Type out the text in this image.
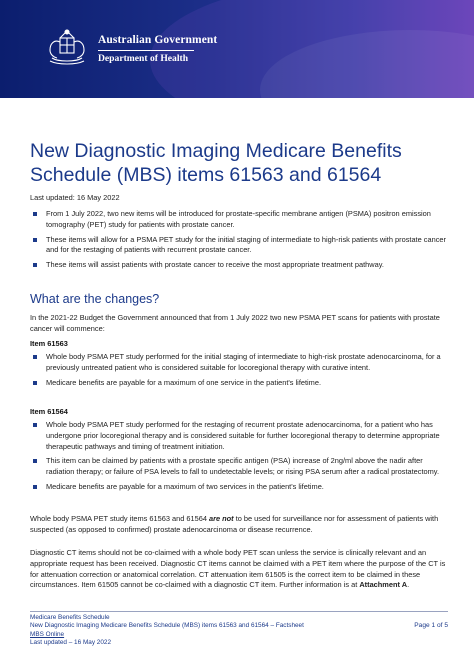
Australian Government
Department of Health
New Diagnostic Imaging Medicare Benefits Schedule (MBS) items 61563 and 61564
Last updated: 16 May 2022
From 1 July 2022, two new items will be introduced for prostate-specific membrane antigen (PSMA) positron emission tomography (PET) study for patients with prostate cancer.
These items will allow for a PSMA PET study for the initial staging of intermediate to high-risk patients with prostate cancer and for the restaging of patients with recurrent prostate cancer.
These items will assist patients with prostate cancer to receive the most appropriate treatment pathway.
What are the changes?

In the 2021-22 Budget the Government announced that from 1 July 2022 two new PSMA PET scans for patients with prostate cancer will commence:

Item 61563
Whole body PSMA PET study performed for the initial staging of intermediate to high-risk prostate adenocarcinoma, for a previously untreated patient who is considered suitable for locoregional therapy with curative intent.
Medicare benefits are payable for a maximum of one service in the patient's lifetime.
Item 61564
Whole body PSMA PET study performed for the restaging of recurrent prostate adenocarcinoma, for a patient who has undergone prior locoregional therapy and is considered suitable for further locoregional therapy to determine appropriate therapeutic pathways and timing of treatment initiation.
This item can be claimed by patients with a prostate specific antigen (PSA) increase of 2ng/ml above the nadir after radiation therapy; or failure of PSA levels to fall to undetectable levels; or rising PSA serum after a radical prostatectomy.
Medicare benefits are payable for a maximum of two services in the patient's lifetime.

Whole body PSMA PET study items 61563 and 61564 are not to be used for surveillance nor for assessment of patients with suspected (as opposed to confirmed) prostate adenocarcinoma or disease recurrence.

Diagnostic CT items should not be co-claimed with a whole body PET scan unless the service is clinically relevant and an appropriate request has been received. Diagnostic CT items cannot be claimed with a PET item where the purpose of the CT is for attenuation correction or anatomical correlation. CT attenuation item 61505 is the correct item to be claimed in these circumstances. Item 61505 cannot be co-claimed with a diagnostic CT item. Further information is at Attachment A.

Medicare Benefits Schedule
New Diagnostic Imaging Medicare Benefits Schedule (MBS) items 61563 and 61564 – Factsheet
MBS Online
Last updated – 16 May 2022
Page 1 of 5
